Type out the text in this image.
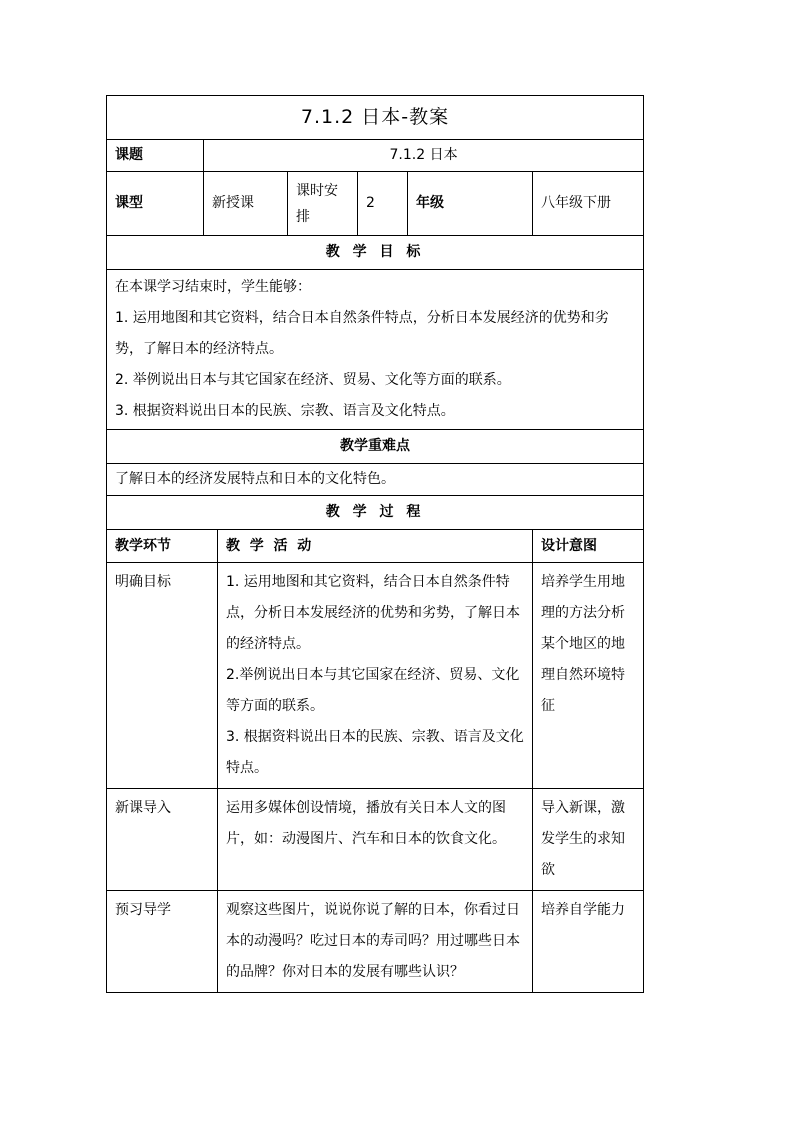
7.1.2 日本-教案						
课题	7.1.2 日本					
课型	新授课		课时安排	2	年级	八年级下册
教 学 目 标						

在本课学习结束时，学生能够：

1. 运用地图和其它资料，结合日本自然条件特点，分析日本发展经济的优势和劣势，了解日本的经济特点。

2. 举例说出日本与其它国家在经济、贸易、文化等方面的联系。

3. 根据资料说出日本的民族、宗教、语言及文化特点。						

教学重难点						
了解日本的经济发展特点和日本的文化特色。						
教 学 过 程						
教学环节		教  学  活  动				设计意图
明确目标		1. 运用地图和其它资料，结合日本自然条件特点，分析日本发展经济的优势和劣势，了解日本的经济特点。

2.举例说出日本与其它国家在经济、贸易、文化等方面的联系。

3. 根据资料说出日本的民族、宗教、语言及文化特点。				培养学生用地理的方法分析某个地区的地理自然环境特征

新课导入		运用多媒体创设情境，播放有关日本人文的图片，如：动漫图片、汽车和日本的饮食文化。				导入新课，激发学生的求知欲

预习导学		观察这些图片，说说你说了解的日本，你看过日本的动漫吗？吃过日本的寿司吗？用过哪些日本的品牌？你对日本的发展有哪些认识？				培养自学能力
